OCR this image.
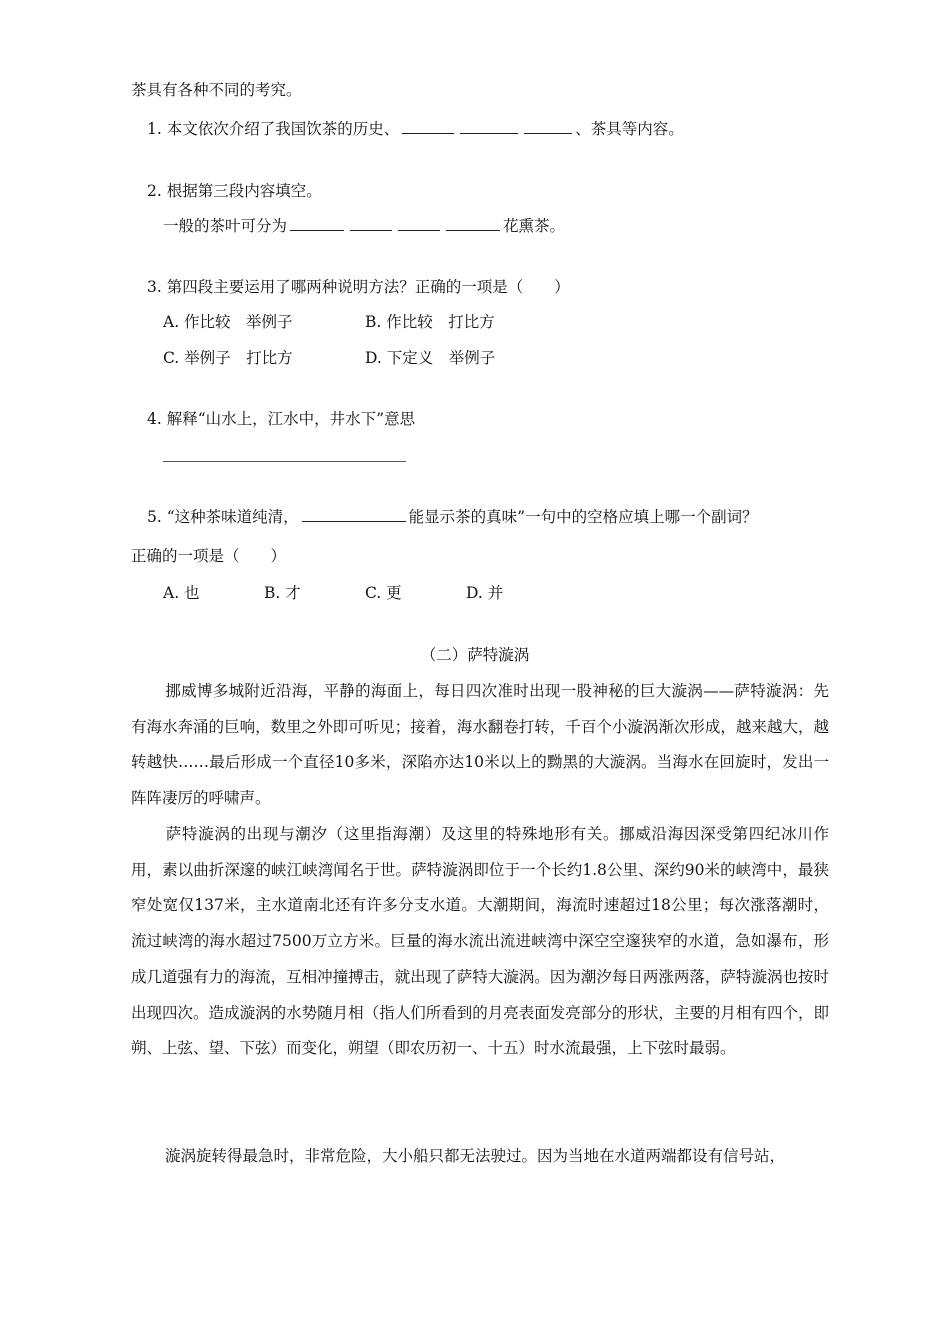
茶具有各种不同的考究。
1. 本文依次介绍了我国饮茶的历史、	、茶具等内容。
2. 根据第三段内容填空。
一般的茶叶可分为	花熏茶。
3. 第四段主要运用了哪两种说明方法？正确的一项是（　　）
A. 作比较　举例子	B. 作比较　打比方
C. 举例子　打比方	D. 下定义　举例子
4. 解释“山水上，江水中，井水下”意思
5. “这种茶味道纯清，	能显示茶的真味”一句中的空格应填上哪一个副词？
正确的一项是（　　）
A. 也	B. 才	C. 更	D. 并
（二）萨特漩涡
挪威博多城附近沿海，平静的海面上，每日四次准时出现一股神秘的巨大漩涡——萨特漩涡：先有海水奔涌的巨响，数里之外即可听见；接着，海水翻卷打转，千百个小漩涡渐次形成，越来越大，越转越快……最后形成一个直径10多米，深陷亦达10米以上的黝黑的大漩涡。当海水在回旋时，发出一阵阵凄厉的呼啸声。
萨特漩涡的出现与潮汐（这里指海潮）及这里的特殊地形有关。挪威沿海因深受第四纪冰川作用，素以曲折深邃的峡江峡湾闻名于世。萨特漩涡即位于一个长约1.8公里、深约90米的峡湾中，最狭窄处宽仅137米，主水道南北还有许多分支水道。大潮期间，海流时速超过18公里；每次涨落潮时，流过峡湾的海水超过7500万立方米。巨量的海水流出流进峡湾中深空空邃狭窄的水道，急如瀑布，形成几道强有力的海流，互相冲撞搏击，就出现了萨特大漩涡。因为潮汐每日两涨两落，萨特漩涡也按时出现四次。造成漩涡的水势随月相（指人们所看到的月亮表面发亮部分的形状，主要的月相有四个，即朔、上弦、望、下弦）而变化，朔望（即农历初一、十五）时水流最强，上下弦时最弱。
漩涡旋转得最急时，非常危险，大小船只都无法驶过。因为当地在水道两端都设有信号站，
